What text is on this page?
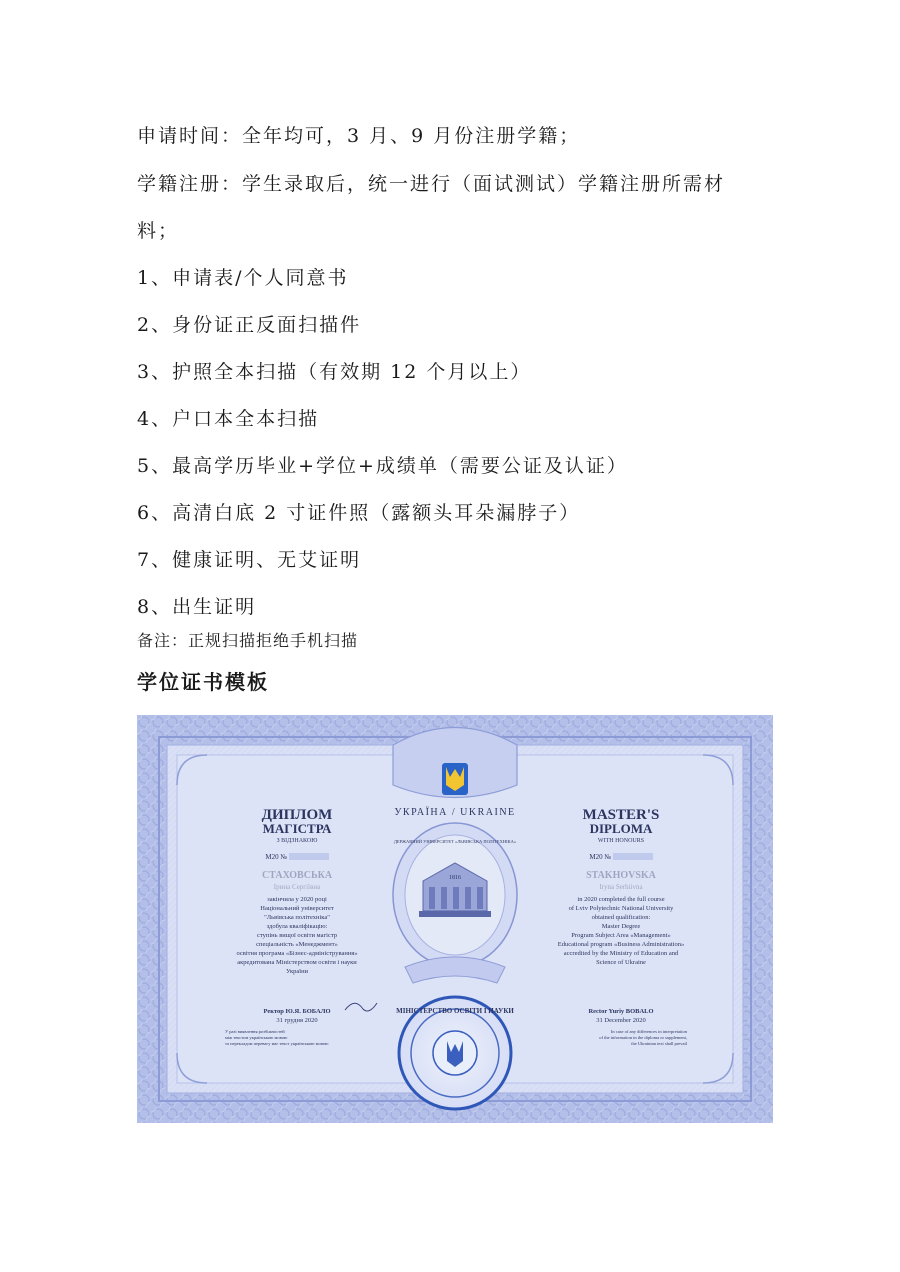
申请时间：全年均可，3 月、9 月份注册学籍；
学籍注册：学生录取后，统一进行（面试测试）学籍注册所需材
料；
1、申请表/个人同意书
2、身份证正反面扫描件
3、护照全本扫描（有效期 12 个月以上）
4、户口本全本扫描
5、最高学历毕业+学位+成绩单（需要公证及认证）
6、高清白底 2 寸证件照（露额头耳朵漏脖子）
7、健康证明、无艾证明
8、出生证明
备注：正规扫描拒绝手机扫描
学位证书模板
УКРАЇНА / UKRAINE
ДИПЛОМ
МАГІСТРА
З ВІДЗНАКОЮ
М20 №
СТАХОВСЬКА
Ірина Сергіївна
закінчила у 2020 році
Національний університет
"Львівська політехніка"
здобула кваліфікацію:
ступінь вищої освіти магістр
спеціальність «Менеджмент»
освітня програма «Бізнес-адміністрування»
акредитована Міністерством освіти і науки
України
Ректор Ю.Я. БОБАЛО
31 грудня 2020
У разі виявлення розбіжностей
між текстом українською мовою
та перекладом перевагу має текст українською мовою
1816
ДЕРЖАВНИЙ УНІВЕРСИТЕТ «ЛЬВІВСЬКА ПОЛІТЕХНІКА»
MASTER'S
DIPLOMA
WITH HONOURS
М20 №
STAKHOVSKA
Iryna Serhiivna
in 2020 completed the full course
of Lviv Polytechnic National University
obtained qualification:
Master Degree
Program Subject Area «Management»
Educational program «Business Administration»
accredited by the Ministry of Education and
Science of Ukraine
Rector Yuriy BOBALO
31 December 2020
In case of any differences in interpretation
of the information in the diploma or supplement,
the Ukrainian text shall prevail
МІНІСТЕРСТВО ОСВІТИ І НАУКИ
